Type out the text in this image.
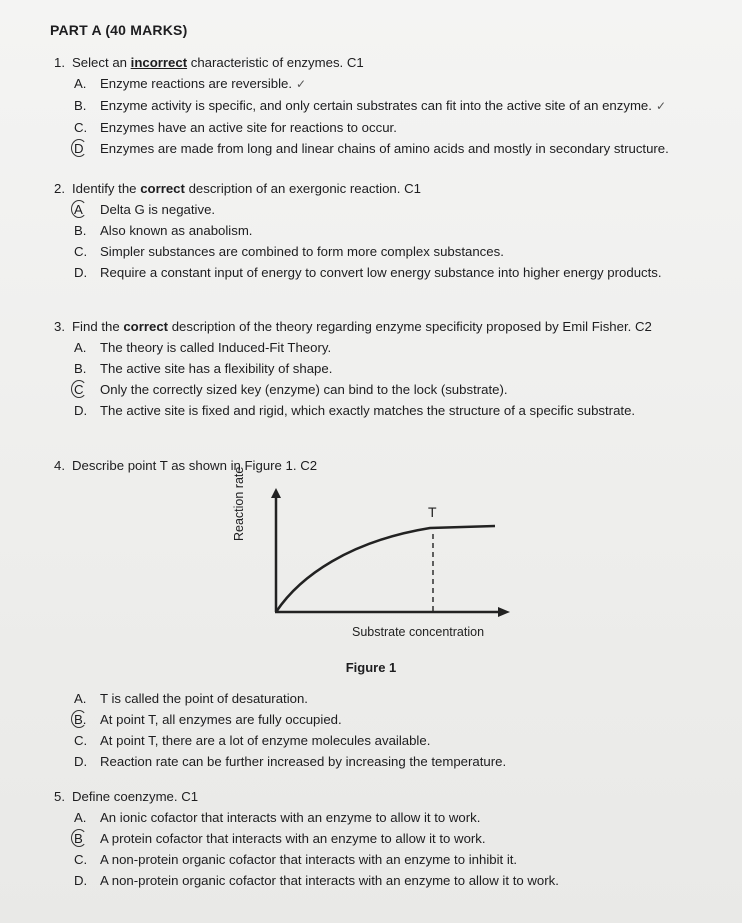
PART A (40 MARKS)
1. Select an incorrect characteristic of enzymes. C1
A.	Enzyme reactions are reversible. ✓
B.	Enzyme activity is specific, and only certain substrates can fit into the active site of an enzyme. ✓
C. Enzymes have an active site for reactions to occur.
D	Enzymes are made from long and linear chains of amino acids and mostly in secondary structure.
2. Identify the correct description of an exergonic reaction. C1
A	Delta G is negative.
B.	Also known as anabolism.
C. Simpler substances are combined to form more complex substances.
D. Require a constant input of energy to convert low energy substance into higher energy products.
3. Find the correct description of the theory regarding enzyme specificity proposed by Emil Fisher. C2
A.	The theory is called Induced-Fit Theory.
B.	The active site has a flexibility of shape.
C	Only the correctly sized key (enzyme) can bind to the lock (substrate).
D. The active site is fixed and rigid, which exactly matches the structure of a specific substrate.
4. Describe point T as shown in Figure 1. C2
Reaction rate	T
Substrate concentration
Figure 1
A.	T is called the point of desaturation.
B.	At point T, all enzymes are fully occupied.
C. At point T, there are a lot of enzyme molecules available.
D. Reaction rate can be further increased by increasing the temperature.
5. Define coenzyme. C1
A.	An ionic cofactor that interacts with an enzyme to allow it to work.
B	A protein cofactor that interacts with an enzyme to allow it to work.
C. A non-protein organic cofactor that interacts with an enzyme to inhibit it.
D. A non-protein organic cofactor that interacts with an enzyme to allow it to work.
